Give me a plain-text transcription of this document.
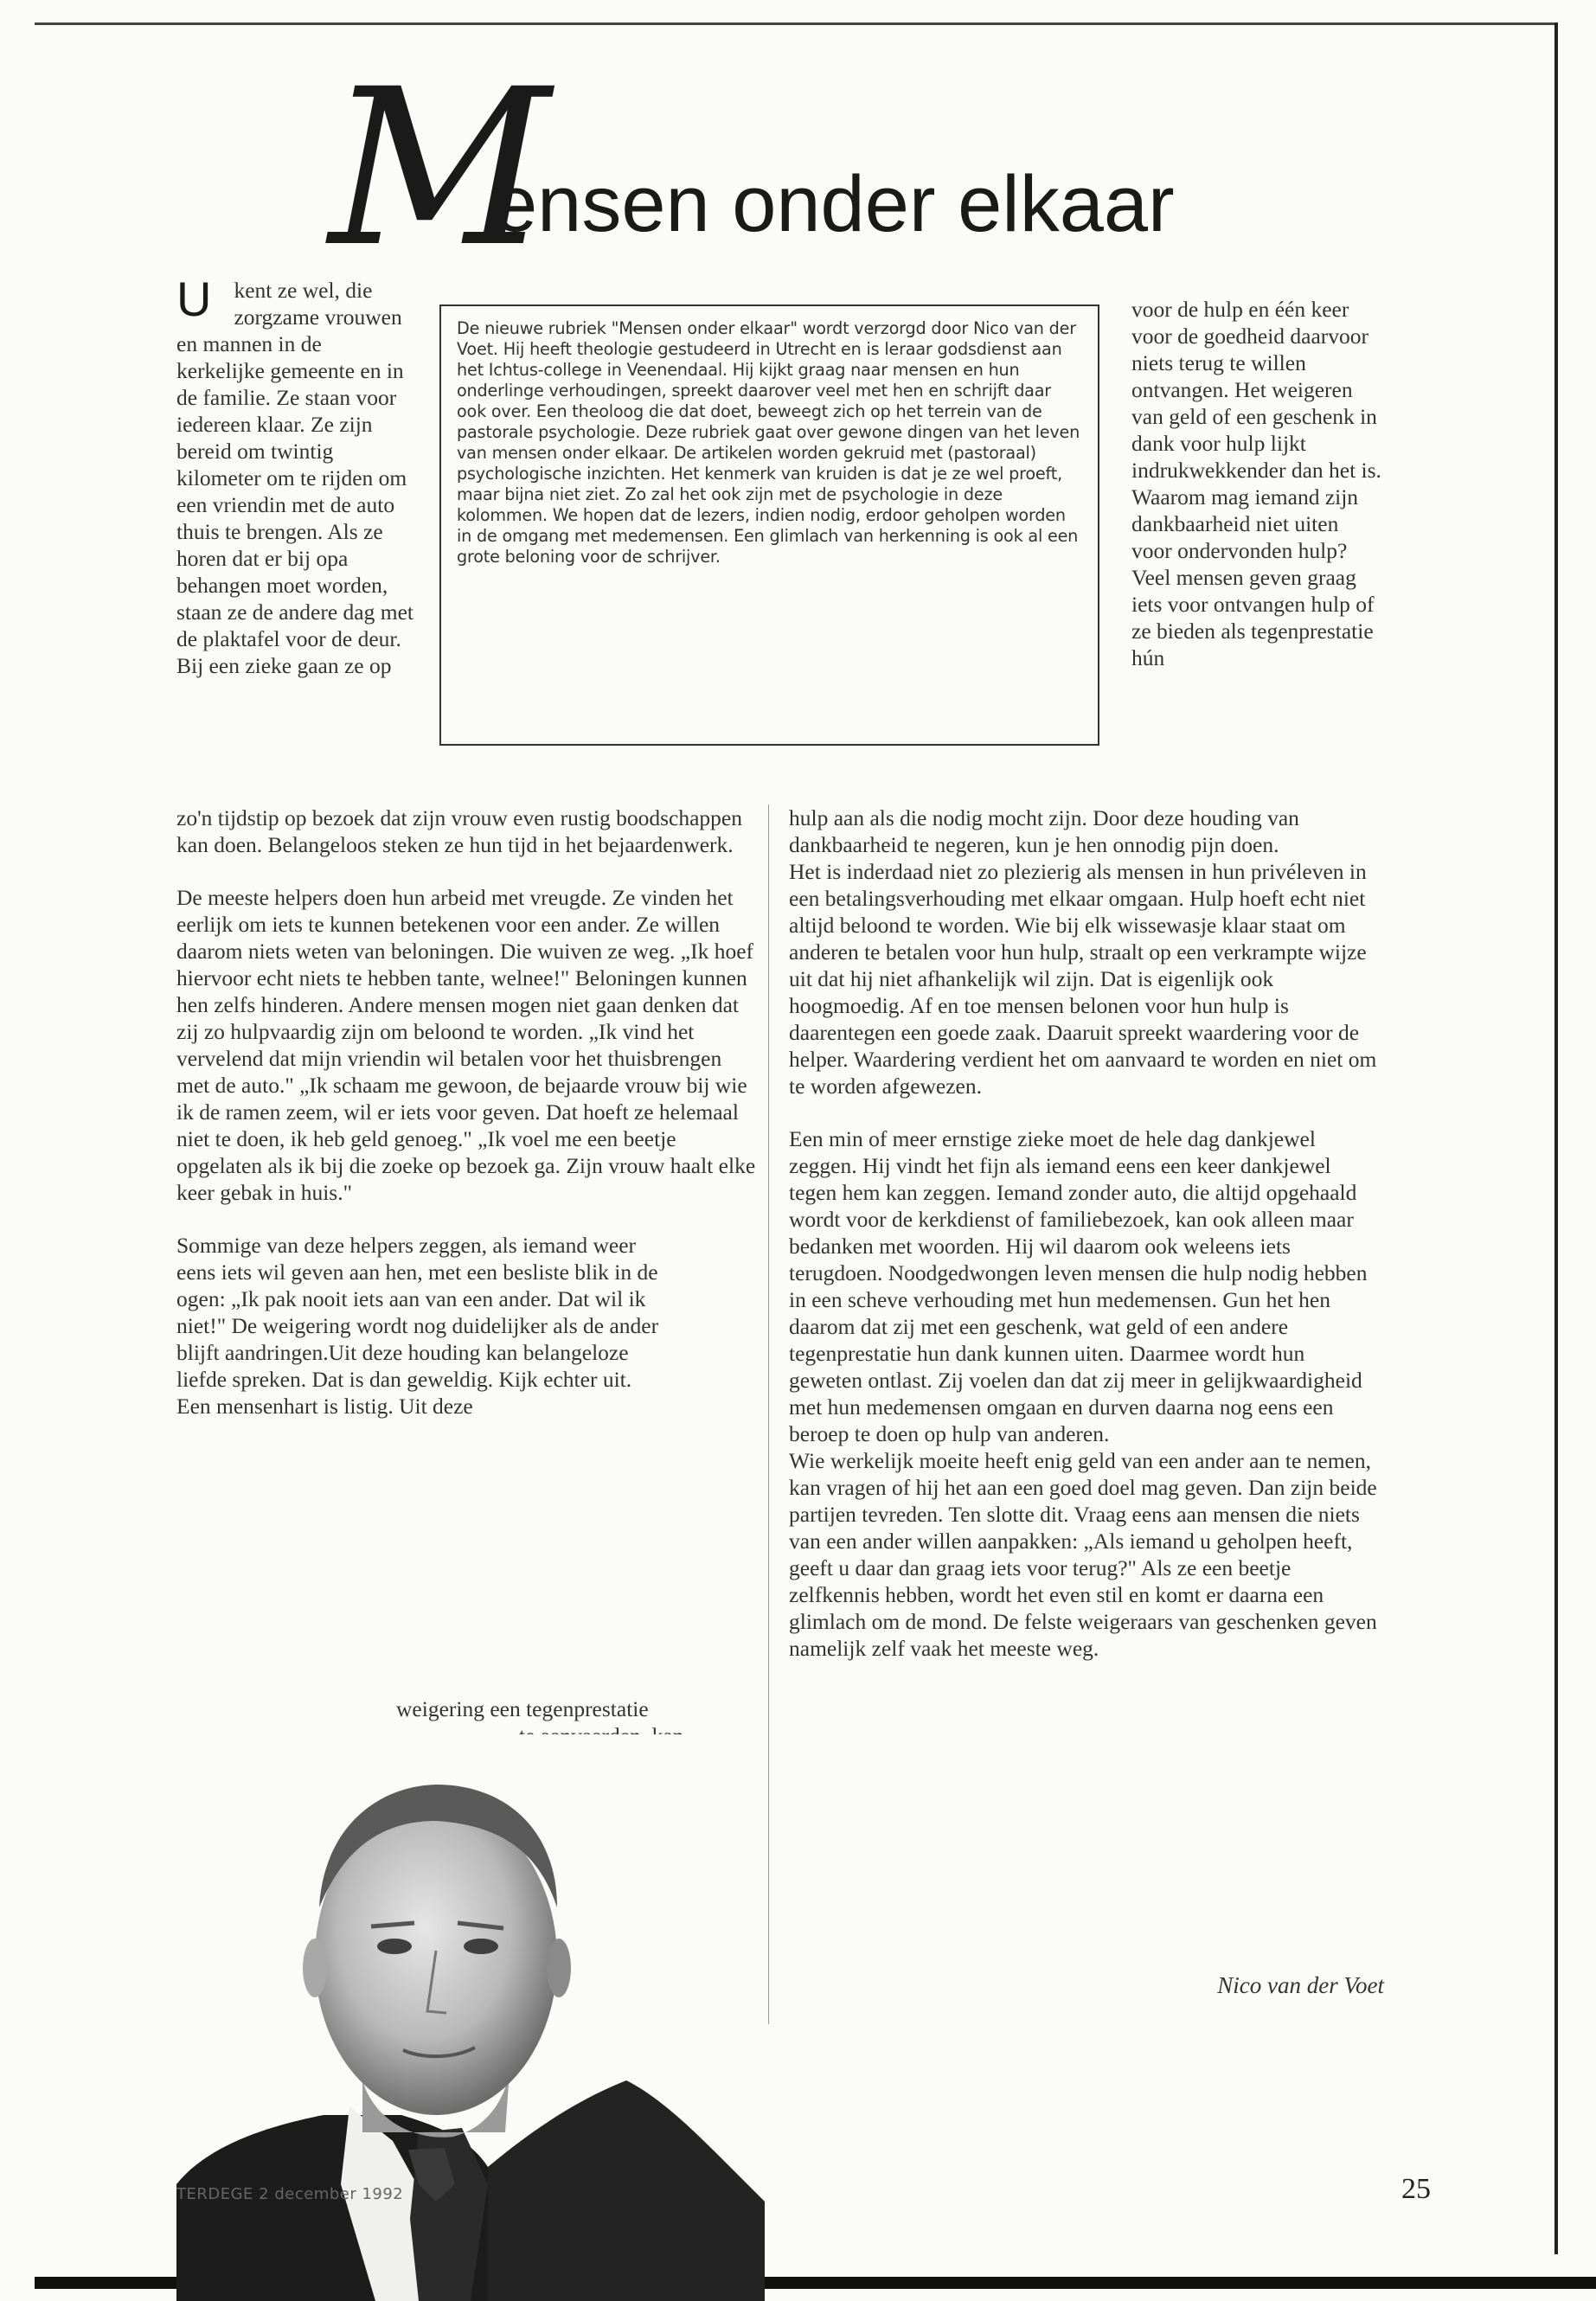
M
ensen onder elkaar

U kent ze wel, die zorgzame vrouwen en mannen in de kerkelijke gemeente en in de familie. Ze staan voor iedereen klaar. Ze zijn bereid om twintig kilometer om te rijden om een vriendin met de auto thuis te brengen. Als ze horen dat er bij opa behangen moet worden, staan ze de andere dag met de plaktafel voor de deur. Bij een zieke gaan ze op

De nieuwe rubriek "Mensen onder elkaar" wordt verzorgd door Nico van der Voet. Hij heeft theologie gestudeerd in Utrecht en is leraar godsdienst aan het Ichtus-college in Veenendaal. Hij kijkt graag naar mensen en hun onderlinge verhoudingen, spreekt daarover veel met hen en schrijft daar ook over. Een theoloog die dat doet, beweegt zich op het terrein van de pastorale psychologie. Deze rubriek gaat over gewone dingen van het leven van mensen onder elkaar. De artikelen worden gekruid met (pastoraal) psychologische inzichten. Het kenmerk van kruiden is dat je ze wel proeft, maar bijna niet ziet. Zo zal het ook zijn met de psychologie in deze kolommen. We hopen dat de lezers, indien nodig, erdoor geholpen worden in de omgang met medemensen. Een glimlach van herkenning is ook al een grote beloning voor de schrijver.

voor de hulp en één keer voor de goedheid daarvoor niets terug te willen ontvangen. Het weigeren van geld of een geschenk in dank voor hulp lijkt indrukwekkender dan het is. Waarom mag iemand zijn dankbaarheid niet uiten voor ondervonden hulp? Veel mensen geven graag iets voor ontvangen hulp of ze bieden als tegenprestatie hún

zo'n tijdstip op bezoek dat zijn vrouw even rustig boodschappen kan doen. Belangeloos steken ze hun tijd in het bejaardenwerk.

De meeste helpers doen hun arbeid met vreugde. Ze vinden het eerlijk om iets te kunnen betekenen voor een ander. Ze willen daarom niets weten van beloningen. Die wuiven ze weg. „Ik hoef hiervoor echt niets te hebben tante, welnee!" Beloningen kunnen hen zelfs hinderen. Andere mensen mogen niet gaan denken dat zij zo hulpvaardig zijn om beloond te worden. „Ik vind het vervelend dat mijn vriendin wil betalen voor het thuisbrengen met de auto." „Ik schaam me gewoon, de bejaarde vrouw bij wie ik de ramen zeem, wil er iets voor geven. Dat hoeft ze helemaal niet te doen, ik heb geld genoeg." „Ik voel me een beetje opgelaten als ik bij die zoeke op bezoek ga. Zijn vrouw haalt elke keer gebak in huis."

Sommige van deze helpers zeggen, als iemand weer eens iets wil geven aan hen, met een besliste blik in de ogen: „Ik pak nooit iets aan van een ander. Dat wil ik niet!" De weigering wordt nog duidelijker als de ander blijft aandringen.Uit deze houding kan belangeloze liefde spreken. Dat is dan geweldig. Kijk echter uit. Een mensenhart is listig. Uit deze

weigering een tegenprestatie

hulp aan als die nodig mocht zijn. Door deze houding van dankbaarheid te negeren, kun je hen onnodig pijn doen.

Het is inderdaad niet zo plezierig als mensen in hun privéleven in een betalingsverhouding met elkaar omgaan. Hulp hoeft echt niet altijd beloond te worden. Wie bij elk wissewasje klaar staat om anderen te betalen voor hun hulp, straalt op een verkrampte wijze uit dat hij niet afhankelijk wil zijn. Dat is eigenlijk ook hoogmoedig. Af en toe mensen belonen voor hun hulp is daarentegen een goede zaak. Daaruit spreekt waardering voor de helper. Waardering verdient het om aanvaard te worden en niet om te worden afgewezen.

Een min of meer ernstige zieke moet de hele dag dankjewel zeggen. Hij vindt het fijn als iemand eens een keer dankjewel tegen hem kan zeggen. Iemand zonder auto, die altijd opgehaald wordt voor de kerkdienst of familiebezoek, kan ook alleen maar bedanken met woorden. Hij wil daarom ook weleens iets terugdoen. Noodgedwongen leven mensen die hulp nodig hebben in een scheve verhouding met hun medemensen. Gun het hen daarom dat zij met een geschenk, wat geld of een andere tegenprestatie hun dank kunnen uiten. Daarmee wordt hun geweten ontlast. Zij voelen dan dat zij meer in gelijkwaardigheid met hun medemensen omgaan en durven daarna nog eens een beroep te doen op hulp van anderen.

Wie werkelijk moeite heeft enig geld van een ander aan te nemen, kan vragen of hij het aan een goed doel mag geven. Dan zijn beide partijen tevreden. Ten slotte dit. Vraag eens aan mensen die niets van een ander willen aanpakken: „Als iemand u geholpen heeft, geeft u daar dan graag iets voor terug?" Als ze een beetje zelfkennis hebben, wordt het even stil en komt er daarna een glimlach om de mond. De felste weigeraars van geschenken geven namelijk zelf vaak het meeste weg.

Nico van der Voet
TERDEGE 2 december 1992	25
